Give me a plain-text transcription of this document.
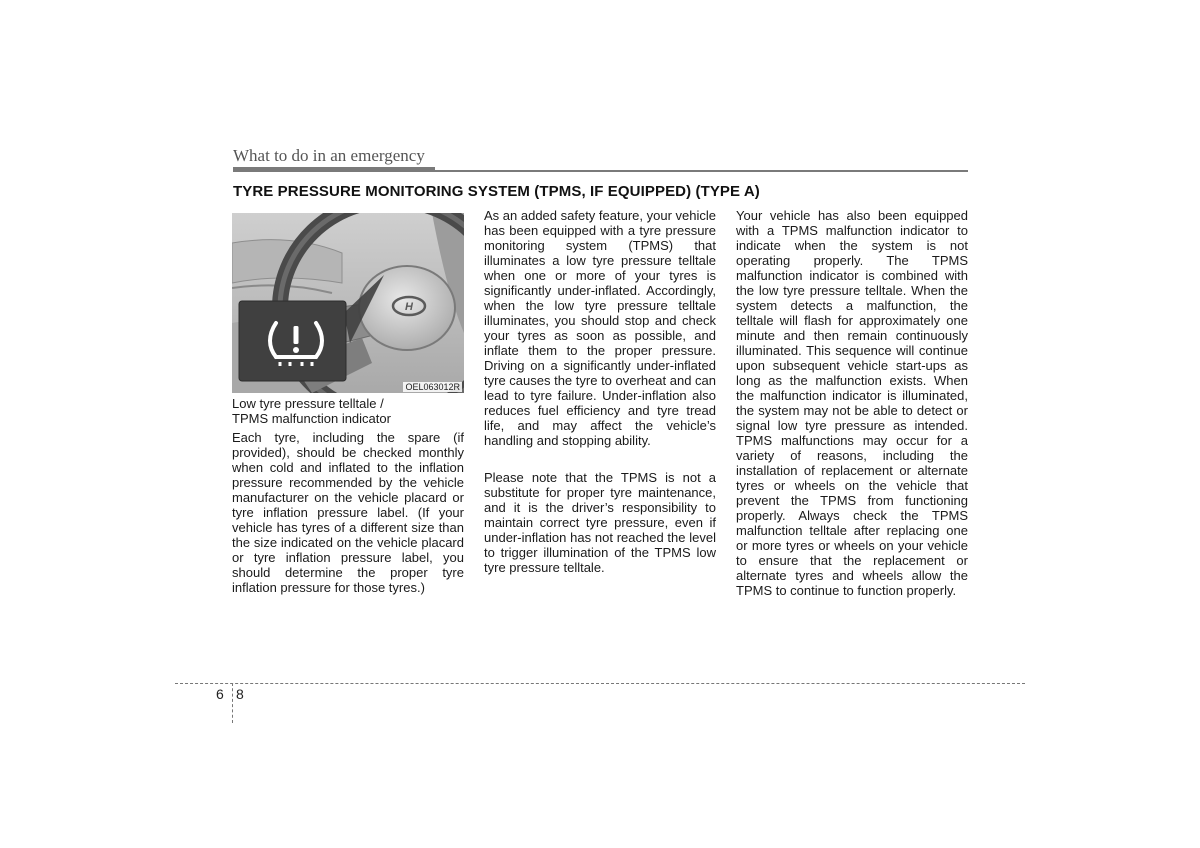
What to do in an emergency
TYRE PRESSURE MONITORING SYSTEM (TPMS, IF EQUIPPED) (TYPE A)
H
OEL063012R

Low tyre pressure telltale /

TPMS malfunction indicator

Each tyre, including the spare (if provided), should be checked monthly when cold and inflated to the inflation pressure recommended by the vehicle manufacturer on the vehicle placard or tyre inflation pressure label. (If your vehicle has tyres of a different size than the size indicated on the vehicle placard or tyre inflation pressure label, you should determine the proper tyre inflation pressure for those tyres.)

As an added safety feature, your vehicle has been equipped with a tyre pressure monitoring system (TPMS) that illuminates a low tyre pressure telltale when one or more of your tyres is significantly under-inflated. Accordingly, when the low tyre pressure telltale illuminates, you should stop and check your tyres as soon as possible, and inflate them to the proper pressure. Driving on a significantly under-inflated tyre causes the tyre to overheat and can lead to tyre failure. Under-inflation also reduces fuel efficiency and tyre tread life, and may affect the vehicle’s handling and stopping ability.

Please note that the TPMS is not a substitute for proper tyre maintenance, and it is the driver’s responsibility to maintain correct tyre pressure, even if under-inflation has not reached the level to trigger illumination of the TPMS low tyre pressure telltale.

Your vehicle has also been equipped with a TPMS malfunction indicator to indicate when the system is not operating properly. The TPMS malfunction indicator is combined with the low tyre pressure telltale. When the system detects a malfunction, the telltale will flash for approximately one minute and then remain continuously illuminated. This sequence will continue upon subsequent vehicle start-ups as long as the malfunction exists. When the malfunction indicator is illuminated, the system may not be able to detect or signal low tyre pressure as intended. TPMS malfunctions may occur for a variety of reasons, including the installation of replacement or alternate tyres or wheels on the vehicle that prevent the TPMS from functioning properly. Always check the TPMS malfunction telltale after replacing one or more tyres or wheels on your vehicle to ensure that the replacement or alternate tyres and wheels allow the TPMS to continue to function properly.

6 8
